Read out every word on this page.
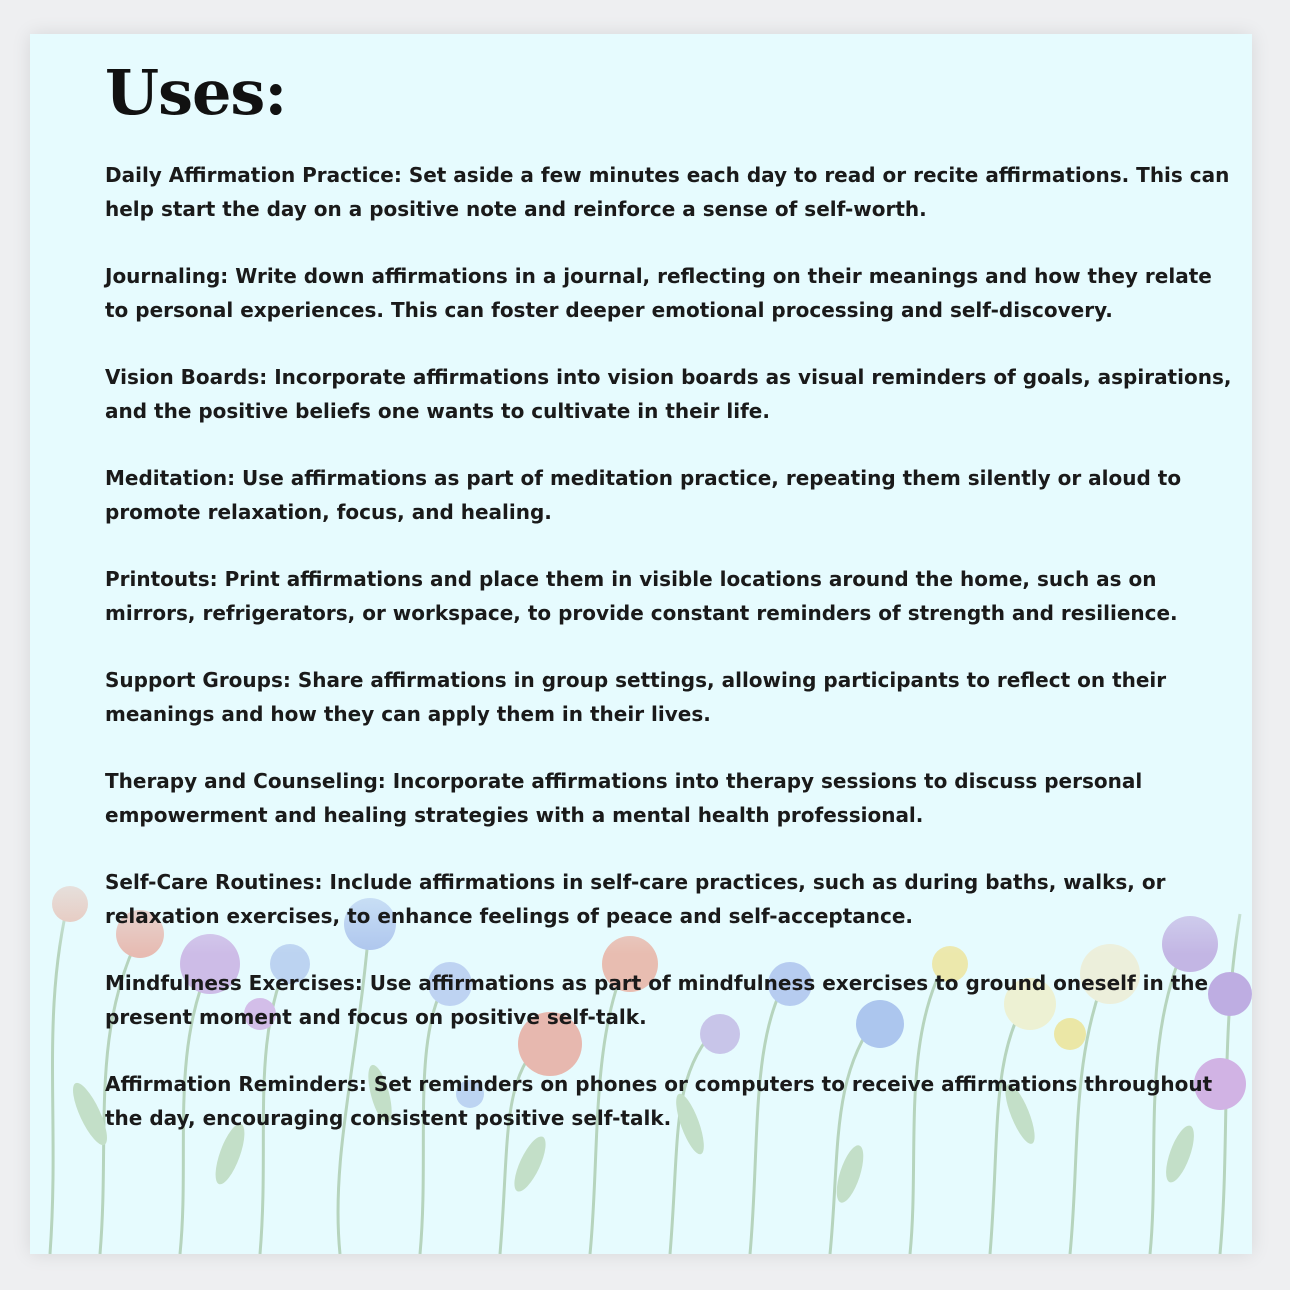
Uses:

Daily Affirmation Practice: Set aside a few minutes each day to read or recite affirmations. This can help start the day on a positive note and reinforce a sense of self-worth.

Journaling: Write down affirmations in a journal, reflecting on their meanings and how they relate to personal experiences. This can foster deeper emotional processing and self-discovery.

Vision Boards: Incorporate affirmations into vision boards as visual reminders of goals, aspirations, and the positive beliefs one wants to cultivate in their life.

Meditation: Use affirmations as part of meditation practice, repeating them silently or aloud to promote relaxation, focus, and healing.

Printouts: Print affirmations and place them in visible locations around the home, such as on mirrors, refrigerators, or workspace, to provide constant reminders of strength and resilience.

Support Groups: Share affirmations in group settings, allowing participants to reflect on their meanings and how they can apply them in their lives.

Therapy and Counseling: Incorporate affirmations into therapy sessions to discuss personal empowerment and healing strategies with a mental health professional.

Self-Care Routines: Include affirmations in self-care practices, such as during baths, walks, or relaxation exercises, to enhance feelings of peace and self-acceptance.

Mindfulness Exercises: Use affirmations as part of mindfulness exercises to ground oneself in the present moment and focus on positive self-talk.

Affirmation Reminders: Set reminders on phones or computers to receive affirmations throughout the day, encouraging consistent positive self-talk.
